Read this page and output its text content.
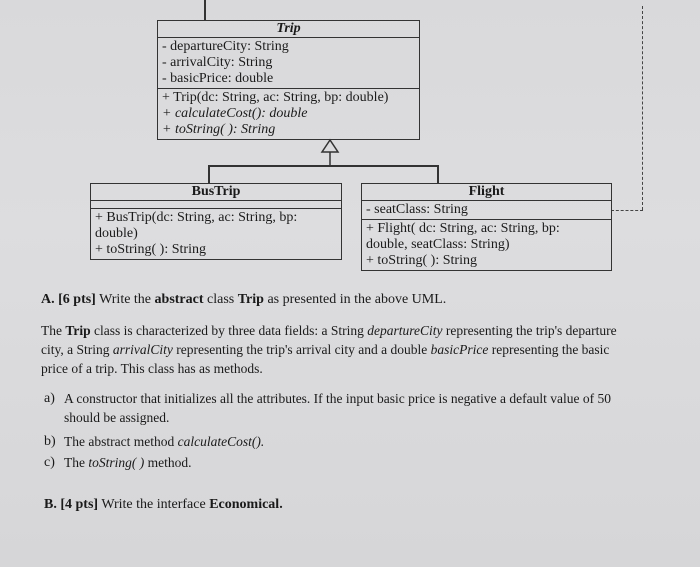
Trip
- departureCity: String
- arrivalCity: String
- basicPrice: double
+ Trip(dc: String, ac: String, bp: double)
+ calculateCost(): double
+ toString( ): String
BusTrip
+ BusTrip(dc: String, ac: String, bp:
double)
+ toString( ): String
Flight
- seatClass: String
+ Flight( dc: String, ac: String, bp:
double, seatClass: String)
+ toString( ): String
A. [6 pts] Write the abstract class Trip as presented in the above UML.
The Trip class is characterized by three data fields: a String departureCity representing the trip's departure
city, a String arrivalCity representing the trip's arrival city and a double basicPrice representing the basic
price of a trip. This class has as methods.
a) A constructor that initializes all the attributes. If the input basic price is negative a default value of 50
should be assigned.
b) The abstract method calculateCost().
c) The toString( ) method.
B. [4 pts] Write the interface Economical.
